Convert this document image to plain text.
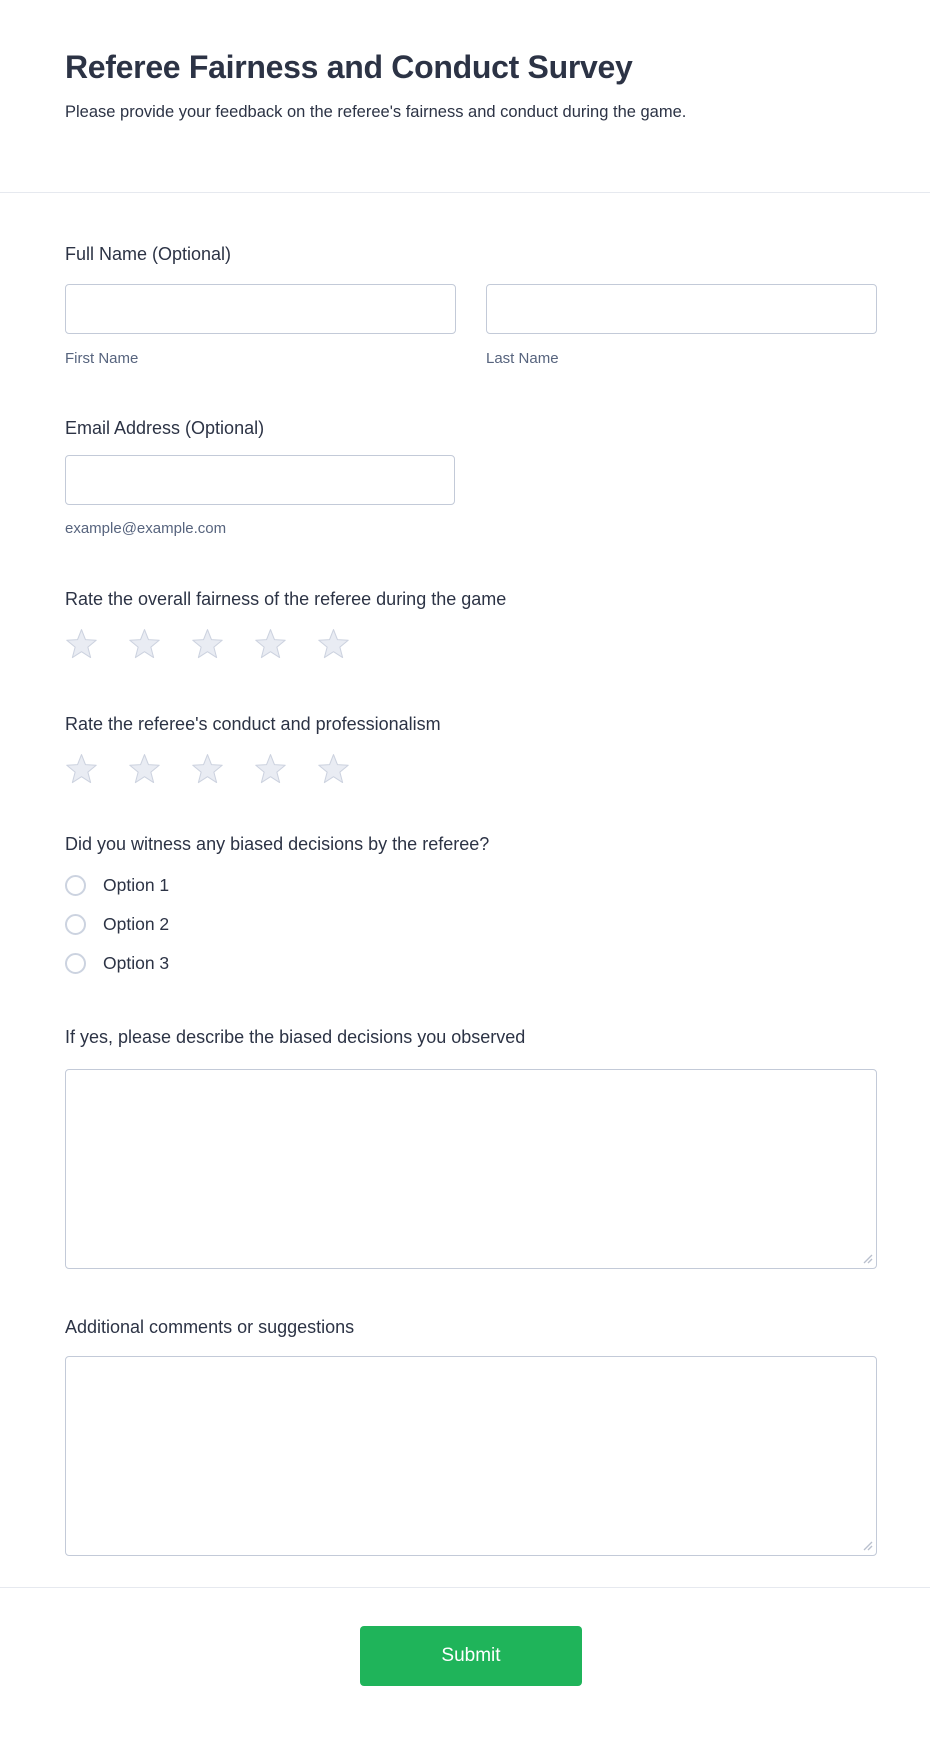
Referee Fairness and Conduct Survey

Please provide your feedback on the referee's fairness and conduct during the game.

Full Name (Optional)
First Name	Last Name
Email Address (Optional)
example@example.com
Rate the overall fairness of the referee during the game
Rate the referee's conduct and professionalism
Did you witness any biased decisions by the referee?
Option 1
Option 2
Option 3
If yes, please describe the biased decisions you observed
Additional comments or suggestions
Submit
